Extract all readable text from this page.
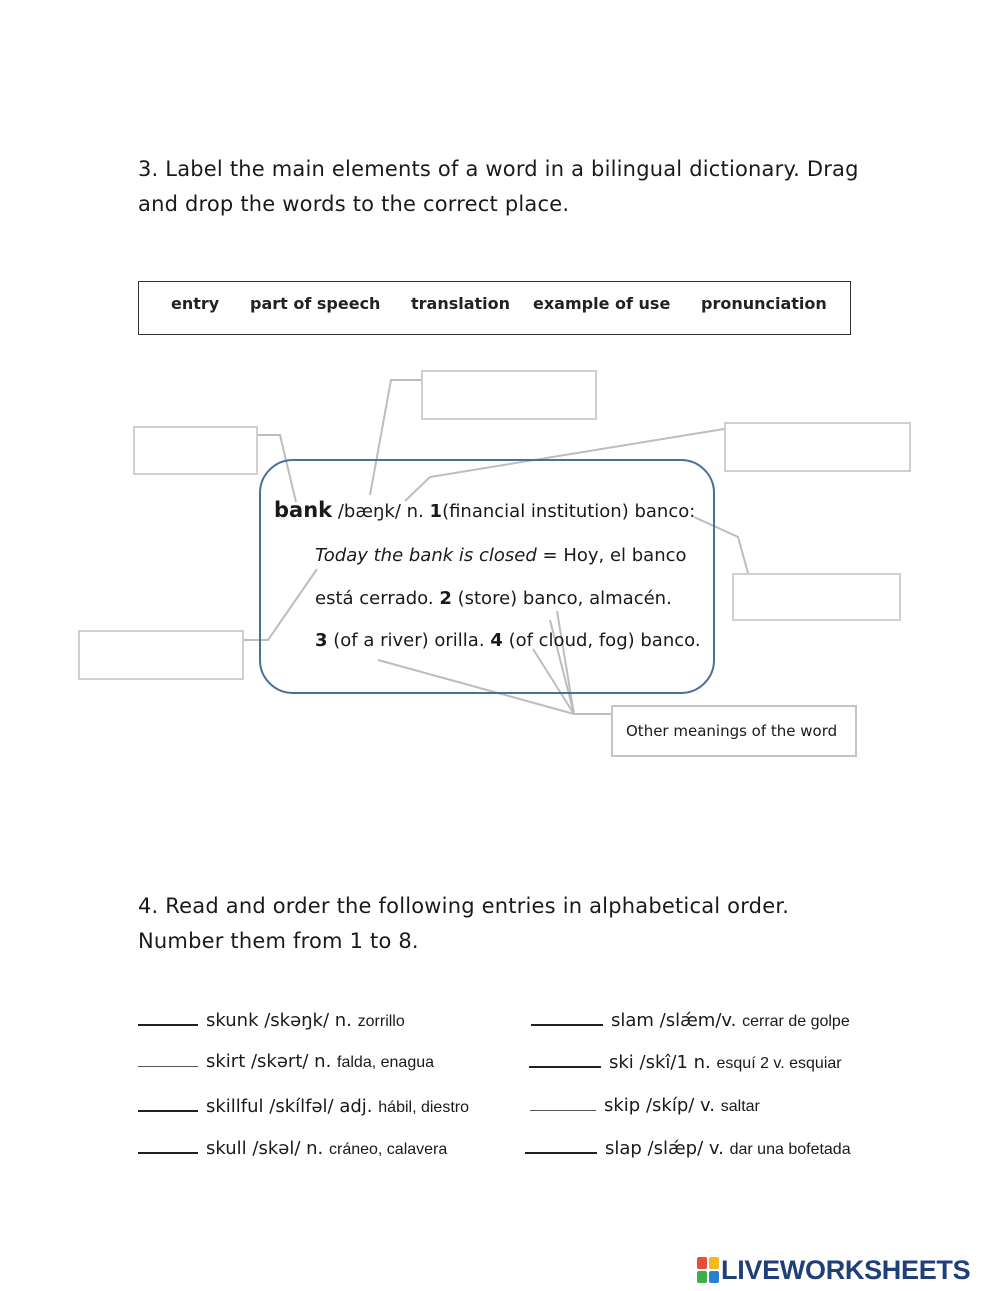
3. Label the main elements of a word in a bilingual dictionary. Drag
and drop the words to the correct place.
entry part of speech translation example of use pronunciation
bank /bæŋk/ n. 1(financial institution) banco:
Today the bank is closed = Hoy, el banco
está cerrado. 2 (store) banco, almacén.
3 (of a river) orilla. 4 (of cloud, fog) banco.
Other meanings of the word
4. Read and order the following entries in alphabetical order.
Number them from 1 to 8.
skunk /skəŋk/ n. zorrillo
skirt /skərt/ n. falda, enagua
skillful /skílfəl/ adj. hábil, diestro
skull /skəl/ n. cráneo, calavera
slam /slǽm/v. cerrar de golpe
ski /skî/1 n. esquí 2 v. esquiar
skip /skíp/ v. saltar
slap /slǽp/ v. dar una bofetada
LIVEWORKSHEETS
